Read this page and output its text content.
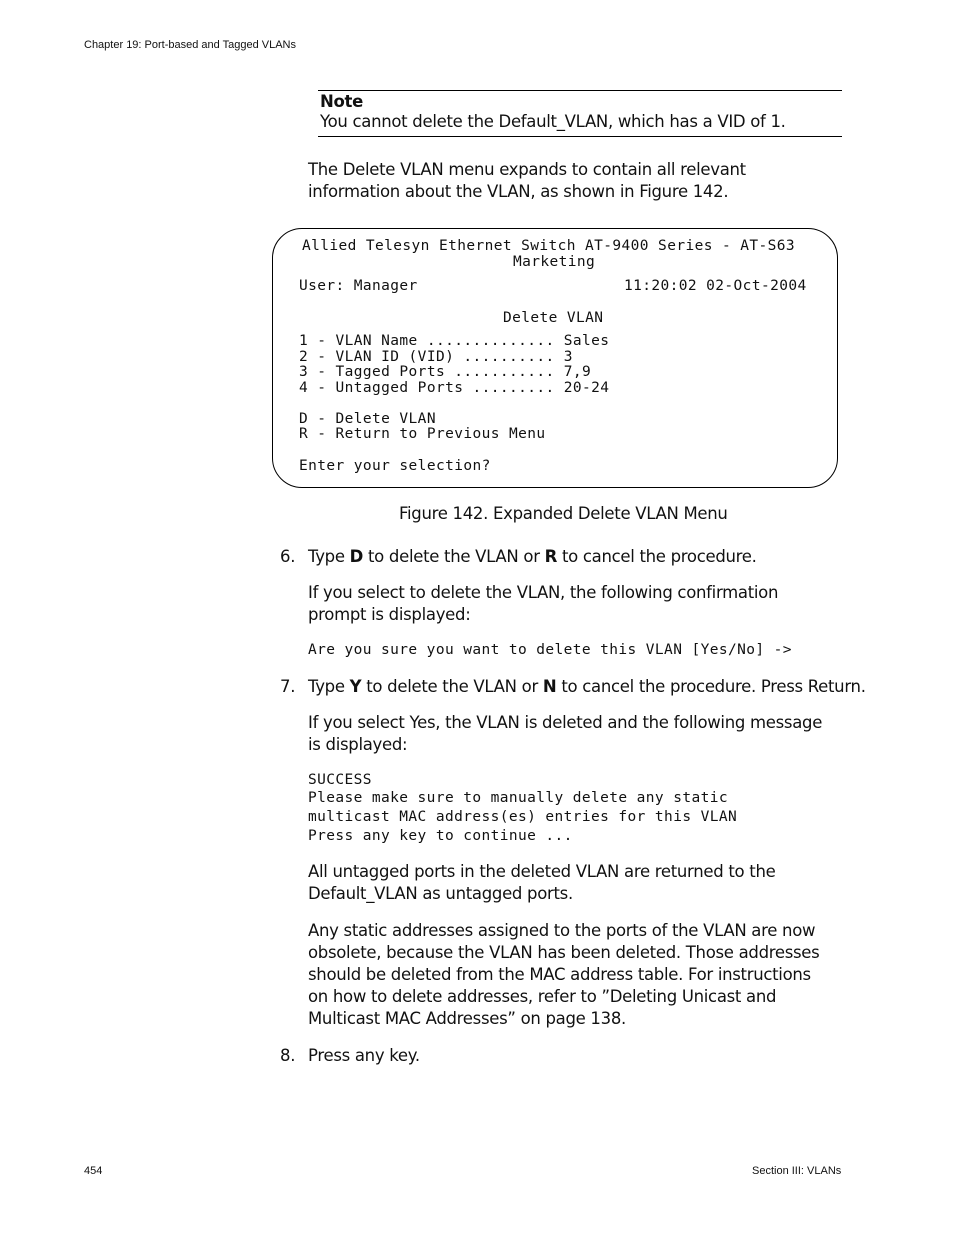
Chapter 19: Port-based and Tagged VLANs
Note
You cannot delete the Default_VLAN, which has a VID of 1.
The Delete VLAN menu expands to contain all relevant
information about the VLAN, as shown in Figure 142.
Allied Telesyn Ethernet Switch AT-9400 Series - AT-S63
Marketing
User: Manager	11:20:02 02-Oct-2004
Delete VLAN
1 - VLAN Name .............. Sales
2 - VLAN ID (VID) .......... 3
3 - Tagged Ports ........... 7,9
4 - Untagged Ports ......... 20-24
D - Delete VLAN
R - Return to Previous Menu
Enter your selection?
Figure 142. Expanded Delete VLAN Menu
6. Type D to delete the VLAN or R to cancel the procedure.
If you select to delete the VLAN, the following confirmation
prompt is displayed:
Are you sure you want to delete this VLAN [Yes/No] ->
7. Type Y to delete the VLAN or N to cancel the procedure. Press Return.
If you select Yes, the VLAN is deleted and the following message
is displayed:
SUCCESS
Please make sure to manually delete any static
multicast MAC address(es) entries for this VLAN
Press any key to continue ...
All untagged ports in the deleted VLAN are returned to the
Default_VLAN as untagged ports.
Any static addresses assigned to the ports of the VLAN are now
obsolete, because the VLAN has been deleted. Those addresses
should be deleted from the MAC address table. For instructions
on how to delete addresses, refer to ”Deleting Unicast and
Multicast MAC Addresses” on page 138.
8. Press any key.
454	Section III: VLANs
